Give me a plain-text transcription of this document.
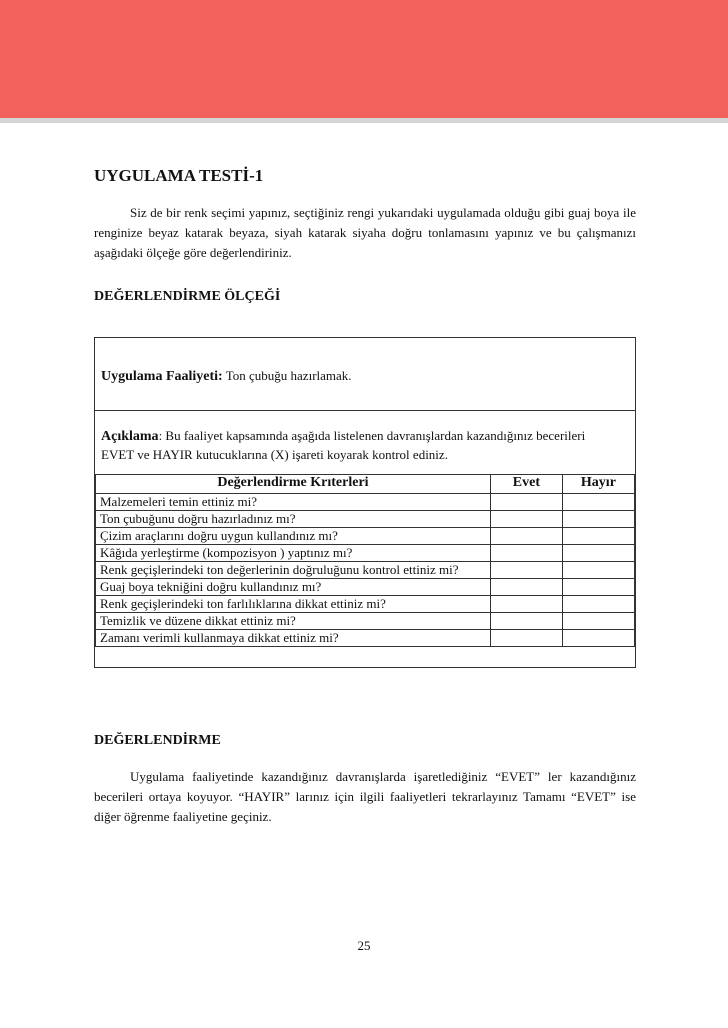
UYGULAMA TESTİ-1

Siz de bir renk seçimi yapınız, seçtiğiniz rengi yukarıdaki uygulamada olduğu gibi guaj boya ile renginize beyaz katarak beyaza, siyah katarak siyaha doğru tonlamasını yapınız ve bu çalışmanızı aşağıdaki ölçeğe göre değerlendiriniz.

DEĞERLENDİRME ÖLÇEĞİ
Uygulama Faaliyeti: Ton çubuğu hazırlamak.
Açıklama: Bu faaliyet kapsamında aşağıda listelenen davranışlardan kazandığınız becerileri EVET ve HAYIR kutucuklarına (X) işareti koyarak kontrol ediniz.
Değerlendirme Krıterleri	Evet	Hayır
Malzemeleri temin ettiniz mi?		
Ton çubuğunu doğru hazırladınız mı?		
Çizim araçlarını doğru uygun kullandınız mı?		
Kâğıda yerleştirme (kompozisyon ) yaptınız mı?		
Renk geçişlerindeki ton değerlerinin doğruluğunu kontrol ettiniz mi?		
Guaj boya tekniğini doğru kullandınız mı?		
Renk geçişlerindeki ton farlılıklarına dikkat ettiniz mi?		
Temizlik ve düzene dikkat ettiniz mi?		
Zamanı verimli kullanmaya dikkat ettiniz mi?		
DEĞERLENDİRME

Uygulama faaliyetinde kazandığınız davranışlarda işaretlediğiniz “EVET” ler kazandığınız becerileri ortaya koyuyor. “HAYIR” larınız için ilgili faaliyetleri tekrarlayınız Tamamı “EVET” ise diğer öğrenme faaliyetine geçiniz.

25
